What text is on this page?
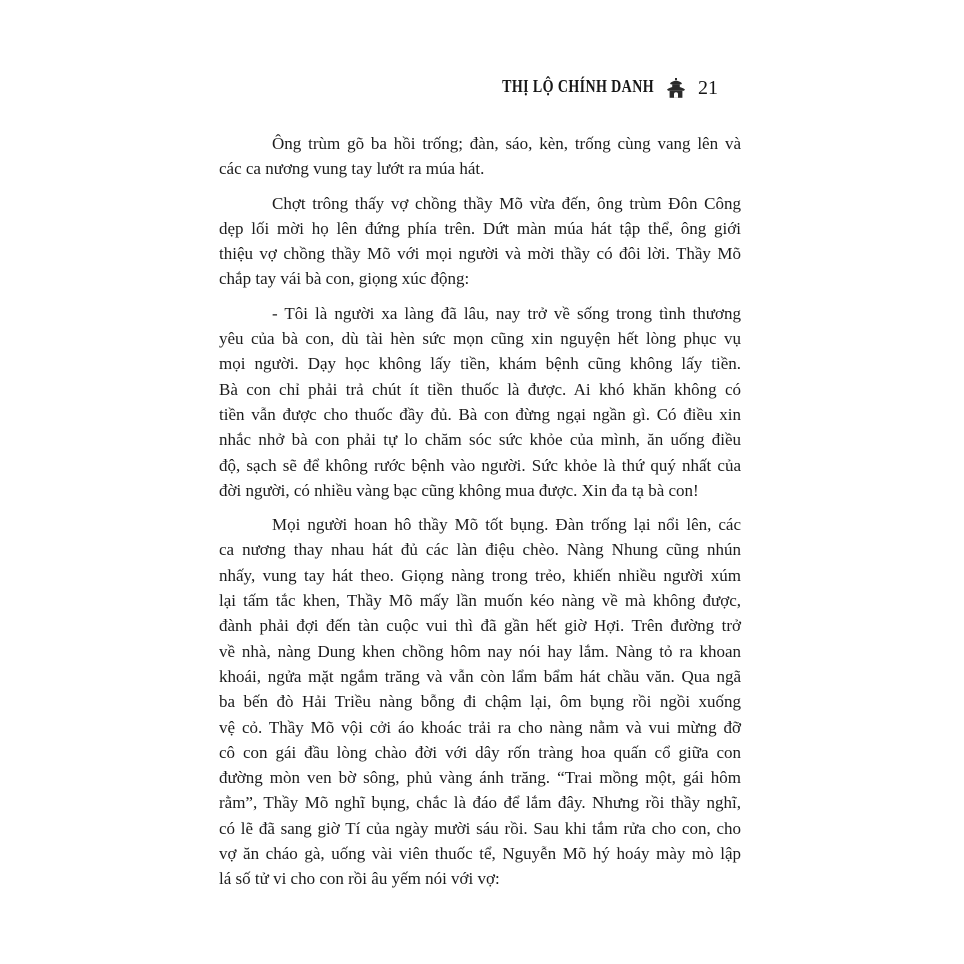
THỊ LỘ CHÍNH DANH 21
Ông trùm gõ ba hồi trống; đàn, sáo, kèn, trống cùng vang lên và
các ca nương vung tay lướt ra múa hát.
Chợt trông thấy vợ chồng thầy Mõ vừa đến, ông trùm Đôn Công
dẹp lối mời họ lên đứng phía trên. Dứt màn múa hát tập thể, ông giới
thiệu vợ chồng thầy Mõ với mọi người và mời thầy có đôi lời. Thầy Mõ
chắp tay vái bà con, giọng xúc động:
- Tôi là người xa làng đã lâu, nay trở về sống trong tình thương
yêu của bà con, dù tài hèn sức mọn cũng xin nguyện hết lòng phục vụ
mọi người. Dạy học không lấy tiền, khám bệnh cũng không lấy tiền.
Bà con chỉ phải trả chút ít tiền thuốc là được. Ai khó khăn không có
tiền vẫn được cho thuốc đầy đủ. Bà con đừng ngại ngần gì. Có điều xin
nhắc nhở bà con phải tự lo chăm sóc sức khỏe của mình, ăn uống điều
độ, sạch sẽ để không rước bệnh vào người. Sức khỏe là thứ quý nhất của
đời người, có nhiều vàng bạc cũng không mua được. Xin đa tạ bà con!
Mọi người hoan hô thầy Mõ tốt bụng. Đàn trống lại nổi lên, các
ca nương thay nhau hát đủ các làn điệu chèo. Nàng Nhung cũng nhún
nhấy, vung tay hát theo. Giọng nàng trong trẻo, khiến nhiều người xúm
lại tấm tắc khen, Thầy Mõ mấy lần muốn kéo nàng về mà không được,
đành phải đợi đến tàn cuộc vui thì đã gần hết giờ Hợi. Trên đường trở
về nhà, nàng Dung khen chồng hôm nay nói hay lắm. Nàng tỏ ra khoan
khoái, ngửa mặt ngắm trăng và vẫn còn lẩm bẩm hát chầu văn. Qua ngã
ba bến đò Hải Triều nàng bỗng đi chậm lại, ôm bụng rồi ngồi xuống
vệ cỏ. Thầy Mõ vội cởi áo khoác trải ra cho nàng nằm và vui mừng đỡ
cô con gái đầu lòng chào đời với dây rốn tràng hoa quấn cổ giữa con
đường mòn ven bờ sông, phủ vàng ánh trăng. “Trai mồng một, gái hôm
rằm”, Thầy Mõ nghĩ bụng, chắc là đáo để lắm đây. Nhưng rồi thầy nghĩ,
có lẽ đã sang giờ Tí của ngày mười sáu rồi. Sau khi tắm rửa cho con, cho
vợ ăn cháo gà, uống vài viên thuốc tể, Nguyễn Mõ hý hoáy mày mò lập
lá số tử vi cho con rồi âu yếm nói với vợ:
